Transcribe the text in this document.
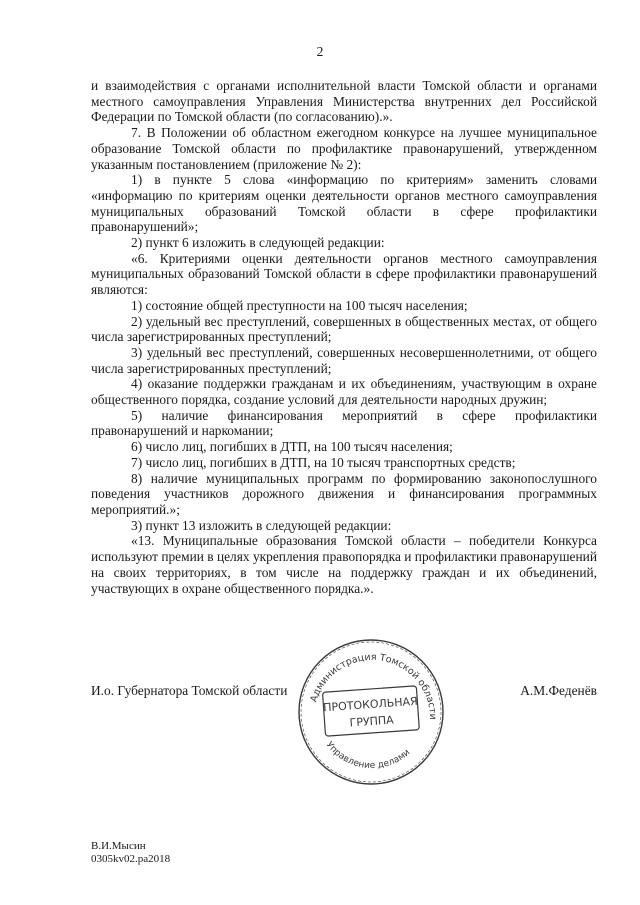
2

и взаимодействия с органами исполнительной власти Томской области и органами местного самоуправления Управления Министерства внутренних дел Российской Федерации по Томской области (по согласованию).».

7. В Положении об областном ежегодном конкурсе на лучшее муниципальное образование Томской области по профилактике правонарушений, утвержденном указанным постановлением (приложение № 2):

1) в пункте 5 слова «информацию по критериям» заменить словами «информацию по критериям оценки деятельности органов местного самоуправления муниципальных образований Томской области в сфере профилактики правонарушений»;

2) пункт 6 изложить в следующей редакции:

«6. Критериями оценки деятельности органов местного самоуправления муниципальных образований Томской области в сфере профилактики правонарушений являются:

1) состояние общей преступности на 100 тысяч населения;

2) удельный вес преступлений, совершенных в общественных местах, от общего числа зарегистрированных преступлений;

3) удельный вес преступлений, совершенных несовершеннолетними, от общего числа зарегистрированных преступлений;

4) оказание поддержки гражданам и их объединениям, участвующим в охране общественного порядка, создание условий для деятельности народных дружин;

5) наличие финансирования мероприятий в сфере профилактики правонарушений и наркомании;

6) число лиц, погибших в ДТП, на 100 тысяч населения;

7) число лиц, погибших в ДТП, на 10 тысяч транспортных средств;

8) наличие муниципальных программ по формированию законопослушного поведения участников дорожного движения и финансирования программных мероприятий.»;

3) пункт 13 изложить в следующей редакции:

«13. Муниципальные образования Томской области – победители Конкурса используют премии в целях укрепления правопорядка и профилактики правонарушений на своих территориях, в том числе на поддержку граждан и их объединений, участвующих в охране общественного порядка.».

И.о. Губернатора Томской области	А.М.Феденёв
Администрация Томской области
Управление делами
ПРОТОКОЛЬНАЯ
ГРУППА
В.И.Мысин
0305kv02.pa2018
